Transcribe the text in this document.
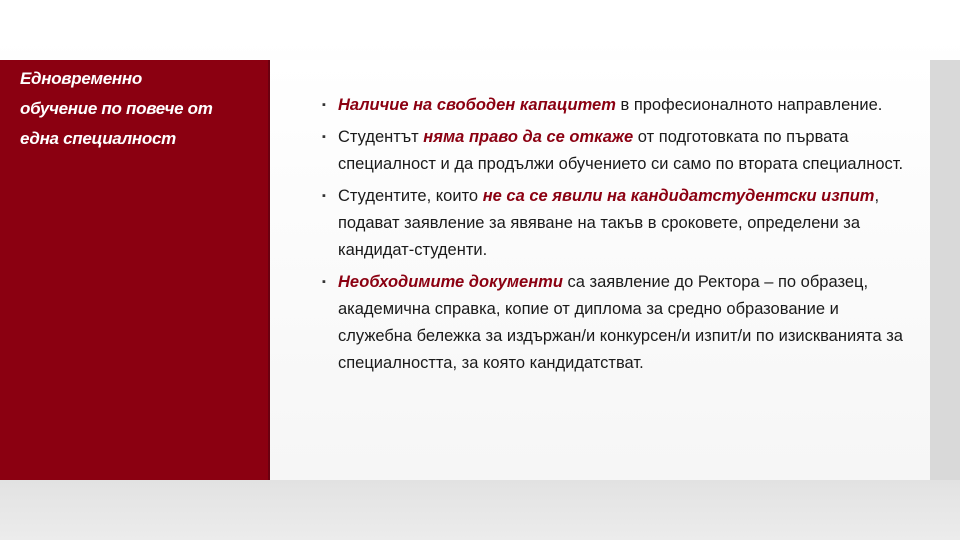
Едновременно
обучение по повече от
една специалност
▪ Наличие на свободен капацитет в професионалното направление.
▪ Студентът няма право да се откаже от подготовката по първата специалност и да продължи обучението си само по втората специалност.
▪ Студентите, които не са се явили на кандидатстудентски изпит, подават заявление за явяване на такъв в сроковете, определени за кандидат-студенти.
▪ Необходимите документи са заявление до Ректора – по образец, академична справка, копие от диплома за средно образование и служебна бележка за издържан/и конкурсен/и изпит/и по изискванията за специалността, за която кандидатстват.
